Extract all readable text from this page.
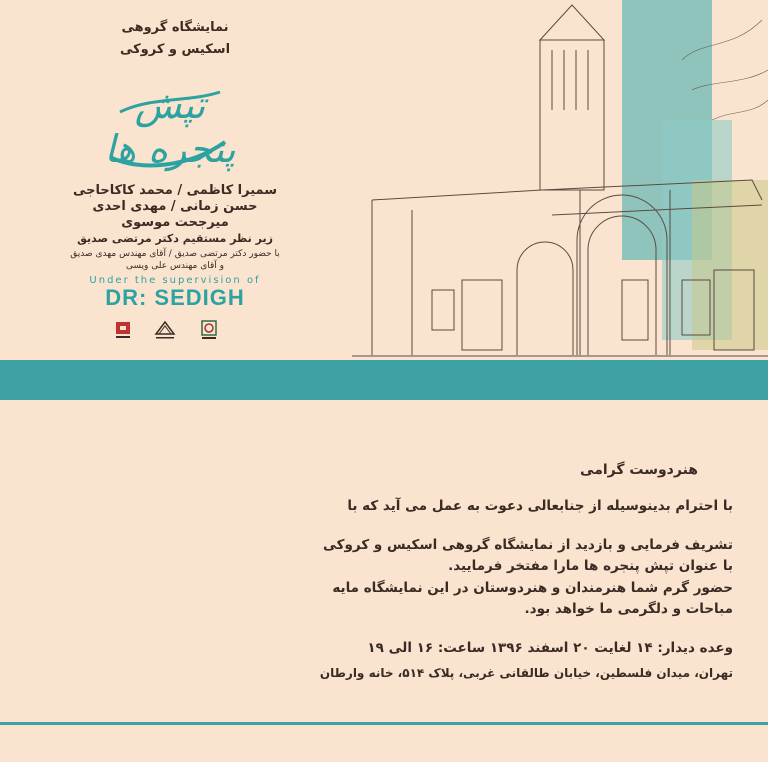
نمایشگاه گروهی
اسکیس و کروکی
تپش پنجره ها
سمیرا کاظمی / محمد کاکاحاجی
حسن زمانی / مهدی احدی
میرجحت موسوی
زیر نظر مستقیم دکتر مرتضی صدیق
با حضور دکتر مرتضی صدیق / آقای مهندس مهدی صدیق
و آقای مهندس علی ویسی
Under the supervision of
DR: SEDIGH
هنردوست گرامی
با احترام بدینوسیله از جنابعالی دعوت به عمل می آید که با
تشریف فرمایی و بازدید از نمایشگاه گروهی اسکیس و کروکی
با عنوان تپش پنجره ها مارا مفتخر فرمایید.
حضور گرم شما هنرمندان و هنردوستان در این نمایشگاه مایه
مباحات و دلگرمی ما خواهد بود.
وعده دیدار: ۱۴ لغایت ۲۰ اسفند ۱۳۹۶ ساعت: ۱۶ الی ۱۹
تهران، میدان فلسطین، خیابان طالقانی غربی، پلاک ۵۱۴، خانه وارطان
